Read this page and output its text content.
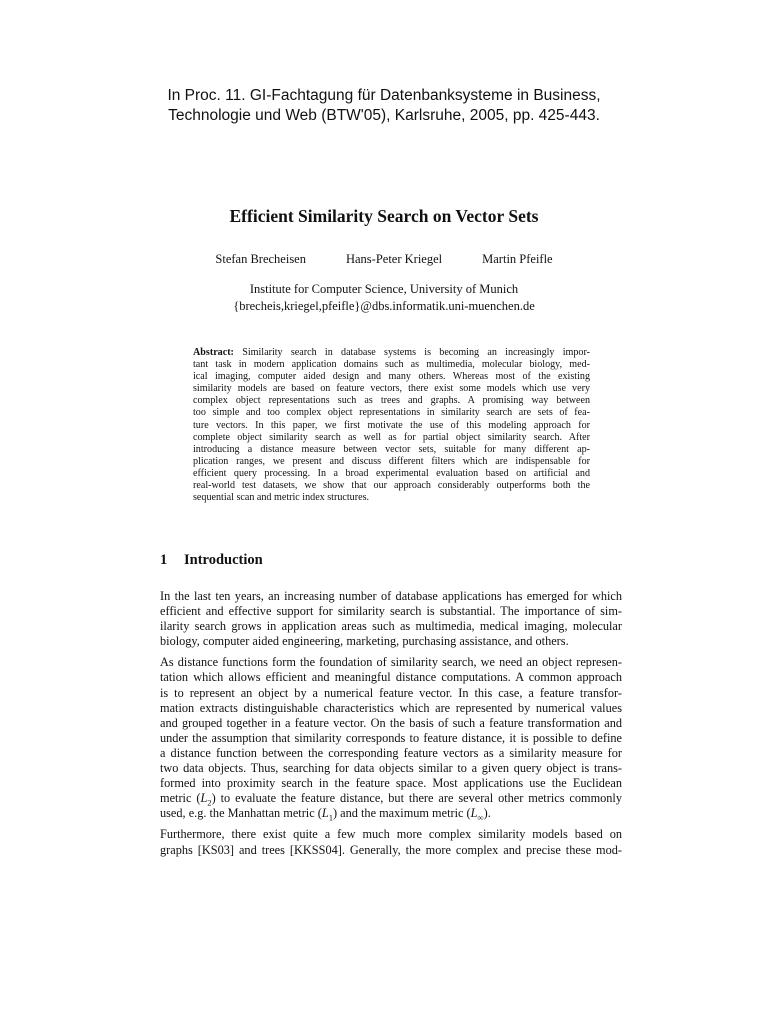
In Proc. 11. GI-Fachtagung für Datenbanksysteme in Business,
Technologie und Web (BTW'05), Karlsruhe, 2005, pp. 425-443.
Efficient Similarity Search on Vector Sets
Stefan Brecheisen	Hans-Peter Kriegel	Martin Pfeifle
Institute for Computer Science, University of Munich
{brecheis,kriegel,pfeifle}@dbs.informatik.uni-muenchen.de
Abstract: Similarity search in database systems is becoming an increasingly impor-
tant task in modern application domains such as multimedia, molecular biology, med-
ical imaging, computer aided design and many others. Whereas most of the existing
similarity models are based on feature vectors, there exist some models which use very
complex object representations such as trees and graphs. A promising way between
too simple and too complex object representations in similarity search are sets of fea-
ture vectors. In this paper, we first motivate the use of this modeling approach for
complete object similarity search as well as for partial object similarity search. After
introducing a distance measure between vector sets, suitable for many different ap-
plication ranges, we present and discuss different filters which are indispensable for
efficient query processing. In a broad experimental evaluation based on artificial and
real-world test datasets, we show that our approach considerably outperforms both the
sequential scan and metric index structures.
1 Introduction
In the last ten years, an increasing number of database applications has emerged for which
efficient and effective support for similarity search is substantial. The importance of sim-
ilarity search grows in application areas such as multimedia, medical imaging, molecular
biology, computer aided engineering, marketing, purchasing assistance, and others.
As distance functions form the foundation of similarity search, we need an object represen-
tation which allows efficient and meaningful distance computations. A common approach
is to represent an object by a numerical feature vector. In this case, a feature transfor-
mation extracts distinguishable characteristics which are represented by numerical values
and grouped together in a feature vector. On the basis of such a feature transformation and
under the assumption that similarity corresponds to feature distance, it is possible to define
a distance function between the corresponding feature vectors as a similarity measure for
two data objects. Thus, searching for data objects similar to a given query object is trans-
formed into proximity search in the feature space. Most applications use the Euclidean
metric $(L_2)$ to evaluate the feature distance, but there are several other metrics commonly
used, e.g. the Manhattan metric $(L_1)$ and the maximum metric $(L_\infty)$.
Furthermore, there exist quite a few much more complex similarity models based on
graphs [KS03] and trees [KKSS04]. Generally, the more complex and precise these mod-
